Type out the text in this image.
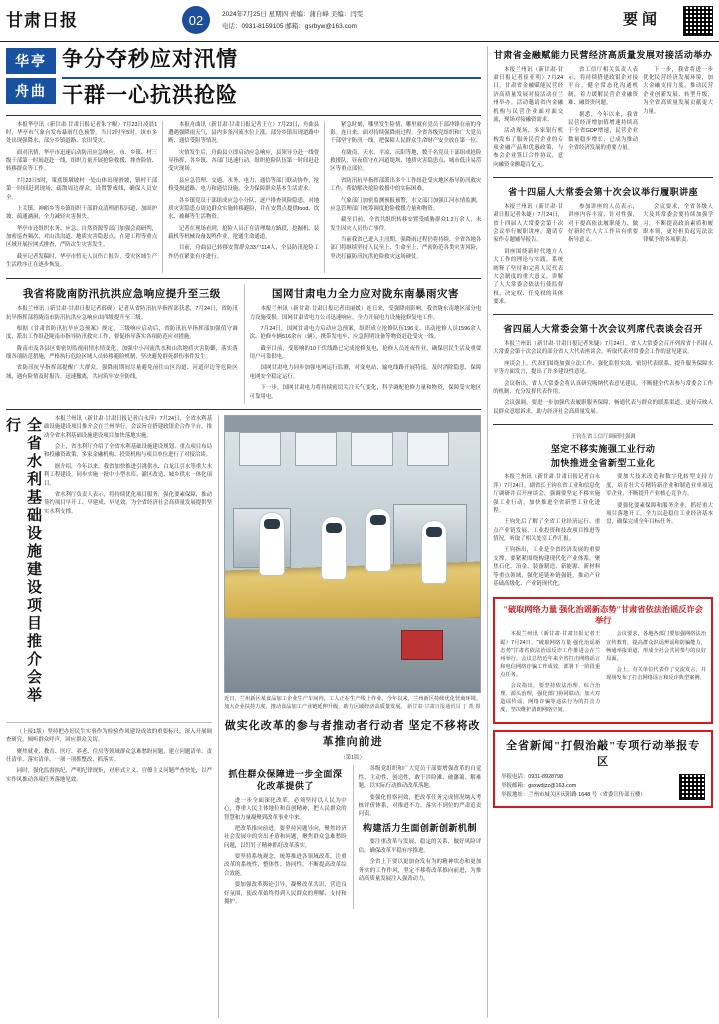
甘肃日报	02	2024年7月25日 星期四 责编：蒲自峰 美编：闫雯
电话：0931-8159105 邮箱：gsrbyw@163.com	要闻
华亭
舟曲
争分夺秒应对汛情
干群一心抗洪抢险

本报华亭讯（新甘肃·甘肃日报记者朱宇鲲）7月23日凌晨1时，华亭市气象台发布暴雨红色预警，当日2时至5时，该市多处出现强降水，部分乡镇道路、农田受灾。

面对汛情，华亭市迅速启动防汛应急响应，市、乡镇、村三级干部第一时间赶赴一线，组织力量开展抢险救援、排查险情、转移群众等工作。

7月23日5时，策底镇墩坡村一处山体出现滑坡，镇村干部第一时间赶到现场，疏散周边群众，设置警戒线，确保人员安全。

上关镇、神峪乡等乡镇组织干部群众清理淤积河道、加固护坡、疏通涵洞，全力减轻灾害损失。

华亭市还组织水务、应急、自然资源等部门加强会商研判，加密巡查频次，对山洪沟道、地质灾害隐患点、在建工程等重点区域开展拉网式排查，严防次生灾害发生。

截至记者发稿时，华亭市暂无人员伤亡报告，受灾区域生产生活秩序正在逐步恢复。

本报舟曲讯（新甘肃·甘肃日报记者王立）7月23日，舟曲县遭遇强降雨天气，县内多条河流水位上涨，部分乡镇出现道路中断、通信受阻等情况。

灾情发生后，舟曲县立即启动应急响应，县领导分赴一线督导指挥，各乡镇、各部门迅速行动，组织抢险队伍第一时间赶赴受灾现场。

县应急管理、交通、水务、电力、通信等部门联动协作，抢修受损道路、电力和通信设施，全力保障群众基本生活需求。

各乡镇党员干部组成应急小分队，逐户排查风险隐患，对地质灾害隐患点周边群众实施转移避险，并在安置点提供food、饮水、被褥等生活物资。

记者在现场看到，抢险人员正在清理塌方路段，挖掘机、装载机等机械设备轰鸣作业，抢通生命通道。

目前，舟曲县已转移安置群众33户114人，全县防汛抢险工作仍在紧张有序进行。

紧急时刻，哪里发生险情，哪里就有党员干部冲锋在前的身影。连日来，面对持续强降雨过程，全省各级党组织和广大党员干部坚守防汛一线，把保障人民群众生命财产安全放在第一位。

在陇南、天水、平凉、庆阳等地，数千名党员干部组成抢险救援队，昼夜值守在河道堤坝、地质灾害隐患点、城市低洼易涝区等重点部位。

省防汛抗旱指挥部派出多个工作组赴受灾地区指导防汛救灾工作，帮助解决抢险救援中的实际困难。

气象部门加密监测预报预警，水文部门加强江河水情监测，应急管理部门统筹调度抢险救援力量和物资。

截至目前，全省共组织转移安置受威胁群众1.2万余人，未发生因灾人员伤亡事件。

当前我省已进入主汛期，强降雨过程仍将持续。全省各地各部门将继续坚持人民至上、生命至上，严密防范各类灾害风险，坚决打赢防汛抗洪抢险救灾这场硬仗。

我省将陇南防汛抗洪应急响应提升至三级

本报兰州讯（新甘肃·甘肃日报记者薛砚）记者从省防汛抗旱指挥部获悉，7月24日，省防汛抗旱指挥部将陇南市防汛抗洪应急响应由四级提升至三级。

根据《甘肃省防汛抗旱应急预案》规定，三级响应启动后，省防汛抗旱指挥部加强值守调度，派出工作组赴陇南市指导防汛救灾工作，督促指导落实各项防范应对措施。

陇南市及各县区要密切监视雨情水情变化，加强中小河流洪水和山洪地质灾害防御，落实落细各项防范措施，严格执行危险区域人员转移避险机制，坚决避免群死群伤事件发生。

省防汛抗旱指挥部提醒广大群众，强降雨期间尽量避免前往山区沟道、河道岸边等危险区域，遇有险情及时报告、迅速撤离，共同筑牢安全防线。

国网甘肃电力全力应对陇东南暴雨灾害

本报兰州讯（新甘肃·甘肃日报记者田丽媛）连日来，受强降雨影响，我省陇东南地区部分电力设施受损。国网甘肃省电力公司迅速响应，全力开展电力设施抢修复电工作。

7月24日，国网甘肃电力启动应急预案，组织成立抢修队伍196支、出动抢修人员1596余人次、抢修车辆516余台（辆），携带发电车、应急照明设备等物资赶赴受灾一线。

截至目前，受影响的10千伏线路已完成抢修复电，抢修人员连夜作业，确保居民生活及重要用户可靠供电。

国网甘肃电力同步加强电网运行监测，对变电站、输电线路开展特巡，及时消除隐患，保障电网安全稳定运行。

下一步，国网甘肃电力将持续密切关注天气变化，科学调配抢修力量和物资，保障受灾地区可靠用电。

全省水利基础设施建设项目推介会举行	本报兰州讯（新甘肃·甘肃日报记者白永萍）7月24日，全省水利基础设施建设项目推介会在兰州举行。会议旨在搭建政银企合作平台，推动全省水利基础设施建设项目加快落地实施。

会上，省水利厅介绍了全省水利基础设施建设规划、重点项目布局和投融资政策，多家金融机构、投资机构与项目单位进行了对接洽谈。

据介绍，今年以来，我省加快推进引洮供水、白龙江引水等重大水利工程建设，同步实施一批中小型水库、灌区改造、城乡供水一体化项目。

省水利厅负责人表示，将持续优化项目服务，强化要素保障，推动签约项目早开工、早建成、早见效，为全省经济社会高质量发展提供坚实水利支撑。

（上接1版）坚持把办好民生实事作为检验作风建设成效的重要标尺，深入开展调查研究，倾听群众呼声，回应群众关切。

聚焦就业、教育、医疗、养老、住房等领域群众急难愁盼问题，建立问题清单、责任清单、落实清单，一项一项抓整改、抓落实。

同时，强化监督执纪，严明纪律规矩，对形式主义、官僚主义问题严查快处，以严实作风推动各项任务落地见效。

近日，兰州新区某食品加工企业生产车间内，工人正在生产线上作业。今年以来，兰州新区持续优化营商环境，加大企业扶持力度，推动食品加工产业链延伸升级，助力区域经济高质量发展。 新甘肃·甘肃日报通讯员 丁 凯 摄
做实化改革的参与者推动者行动者 坚定不移将改革推向前进
（第1版）
抓住群众保障进一步全面深化改革提供了

进一步全面深化改革，必须坚持以人民为中心，尊重人民主体地位和首创精神，把人民群众的智慧和力量凝聚到改革事业中来。

把改革推向前进，要坚持问题导向，聚焦经济社会发展中的突出矛盾和问题，聚焦群众急难愁盼问题，以钉钉子精神抓好改革落实。

要坚持系统观念，统筹推进各领域改革，注重改革的系统性、整体性、协同性，不断提高改革综合效能。

要加强改革舆论引导，凝聚改革共识，营造良好氛围，使改革始终得到人民群众的理解、支持和拥护。

各级党组织和广大党员干部要增强改革的自觉性、主动性、创造性，敢于涉险滩、破藩篱、解难题，以实际行动推动改革落地。

要强化督察问效，把改革任务完成情况纳入考核评价体系，对推进不力、落实不到位的严肃追责问责。

构建活力生面创新创新机制

要注重改革与发展、稳定的关系，做好风险评估，确保改革平稳有序推进。

全省上下要以更加奋发有为的精神状态和更加务实的工作作风，坚定不移将改革推向前进，为推动高质量发展注入强劲动力。

甘肃省金融赋能力民营经济高质量发展对接活动举办

本报兰州讯（新甘肃·甘肃日报记者崔亚明）7月24日，甘肃省金融赋能民营经济高质量发展对接活动在兰州举办。活动邀请省内金融机构与民营企业面对面交流，现场对接融资需求。

活动现场，多家银行机构发布了服务民营企业的专项金融产品和优惠政策，与参会企业签订合作协议，意向融资金额超百亿元。

省工信厅相关负责人表示，将持续搭建政银企对接平台，健全常态化沟通机制，着力缓解民营企业融资难、融资贵问题。

据悉，今年以来，我省民营经济增加值增速持续高于全省GDP增速，民营企业数量稳步增长，已成为推动全省经济发展的重要力量。

下一步，我省将进一步优化民营经济发展环境，加大金融支持力度，推动民营企业创新发展、转型升级，为全省高质量发展贡献更大力量。

省十四届人大常委会第十次会议举行履职讲座

本报兰州讯（新甘肃·甘肃日报记者朱婕）7月24日，省十四届人大常委会第十次会议举行履职讲座，邀请专家作专题辅导报告。

讲座围绕新时代地方人大工作的理论与实践，系统阐释了坚持和完善人民代表大会制度的重大意义，讲解了人大常委会依法行使监督权、决定权、任免权的具体要求。

参加讲座的人员表示，讲座内容丰富、针对性强，对于提高依法履职能力、做好新时代人大工作具有重要指导意义。

会议要求，全省各级人大及其常委会要持续加强学习，不断提高政治素质和履职本领，更好担负起宪法法律赋予的各项职责。

省四届人大常委会第十次会议列席代表谈会召开

本报兰州讯（新甘肃·甘肃日报记者朱婕）7月24日，省人大常委会召开列席省十四届人大常委会第十次会议的部分省人大代表座谈会，听取代表对常委会工作的意见建议。

座谈会上，代表们围绕加强立法工作、强化监督实效、密切代表联系、提升服务保障水平等方面发言，提出了许多建设性意见。

会议指出，省人大常委会将认真研究吸纳代表意见建议，不断健全代表参与常委会工作的机制，充分发挥代表作用。

会议强调，要进一步加强代表履职服务保障，畅通代表与群众的联系渠道，更好反映人民群众意愿诉求，助力经济社会高质量发展。

王钧在省工信厅调研时强调
坚定不移实施强工业行动
加快推进全省新型工业化

本报兰州讯（新甘肃·甘肃日报记者白永萍）7月24日，副省长王钧在省工业和信息化厅调研并召开座谈会，强调要坚定不移实施强工业行动，加快推进全省新型工业化进程。

王钧先后了解了全省工业经济运行、重点产业链发展、工业投资和技改项目推进等情况，听取了相关处室工作汇报。

王钧指出，工业是全省经济发展的重要支撑，要紧紧围绕构建现代化产业体系，聚焦石化、冶金、装备制造、新能源、新材料等重点领域，强化延链补链强链，推动产业基础高级化、产业链现代化。

要加大技术改造和数字化转型支持力度，培育壮大专精特新企业和制造业单项冠军企业，不断提升产业核心竞争力。

要强化要素保障和服务企业，抓好重大项目落地开工，全力以赴稳住工业经济基本盘，确保完成全年目标任务。

"破取网络力量 强化治谣新态势"甘肃省依法治谣反诈会举行

本报兰州讯（新甘肃·甘肃日报记者王聪）7月24日，"破取网络力量 强化治谣新态势"甘肃省依法治谣反诈工作推进会在兰州举行。会议总结近年来全省打击网络谣言和电信网络诈骗工作成效，部署下一阶段重点任务。

会议指出，要坚持依法治理、综合治理、源头治理，强化部门协同联动，加大对造谣传谣、网络诈骗等违法行为的打击力度，坚决维护清朗网络空间。

会议要求，各地各部门要加强网络法治宣传教育，提高群众识谣辨谣和防骗能力，畅通举报渠道，形成全社会共同参与的良好局面。

会上，有关单位代表作了交流发言，并现场发布了打击网络谣言和反诈典型案例。

全省新闻"打假治敲"专项行动举报专区
举报电话：0931-8928798
举报邮箱：gsxwdjzz@163.com
举报地址：兰州市城关区庆阳路 1648 号（省委宣传部五楼）
